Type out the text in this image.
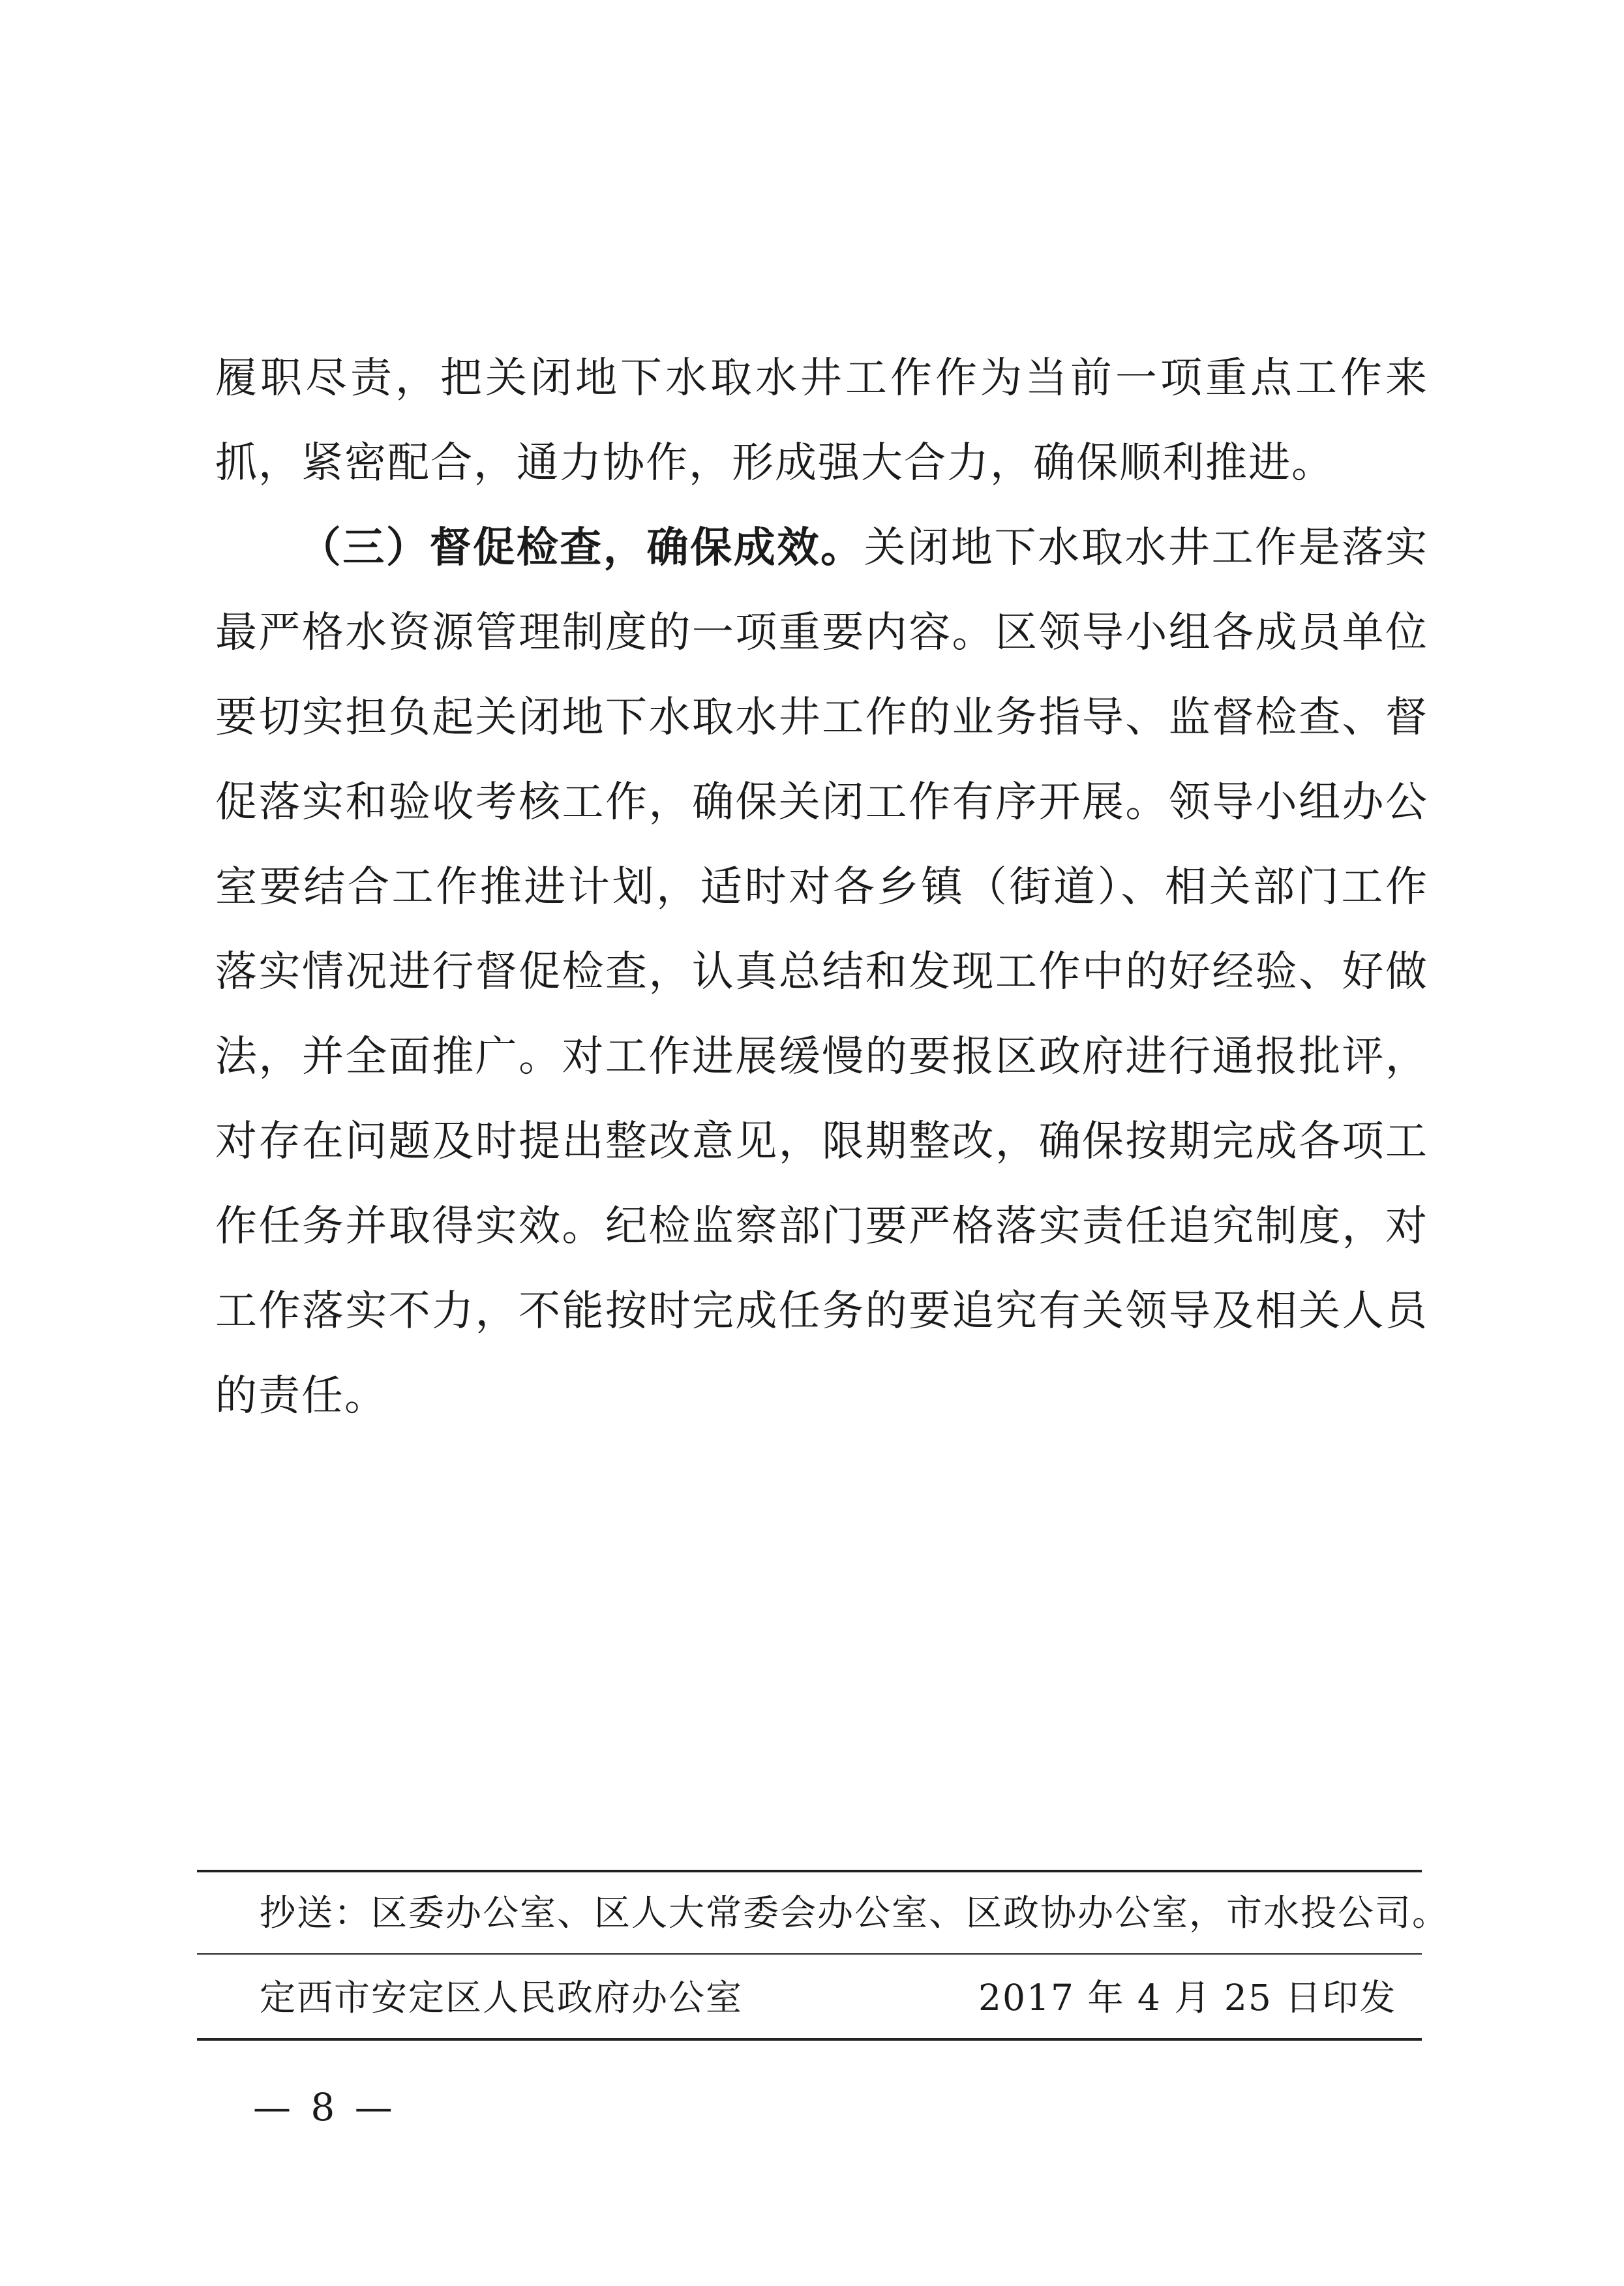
履职尽责，把关闭地下水取水井工作作为当前一项重点工作来
抓，紧密配合，通力协作，形成强大合力，确保顺利推进。
（三）督促检查，确保成效。关闭地下水取水井工作是落实
最严格水资源管理制度的一项重要内容。区领导小组各成员单位
要切实担负起关闭地下水取水井工作的业务指导、监督检查、督
促落实和验收考核工作，确保关闭工作有序开展。领导小组办公
室要结合工作推进计划，适时对各乡镇（街道）、相关部门工作
落实情况进行督促检查，认真总结和发现工作中的好经验、好做
法，并全面推广。对工作进展缓慢的要报区政府进行通报批评，
对存在问题及时提出整改意见，限期整改，确保按期完成各项工
作任务并取得实效。纪检监察部门要严格落实责任追究制度，对
工作落实不力，不能按时完成任务的要追究有关领导及相关人员
的责任。
抄送：区委办公室、区人大常委会办公室、区政协办公室，市水投公司。
定西市安定区人民政府办公室	2017 年 4 月 25 日印发
— 8 —
